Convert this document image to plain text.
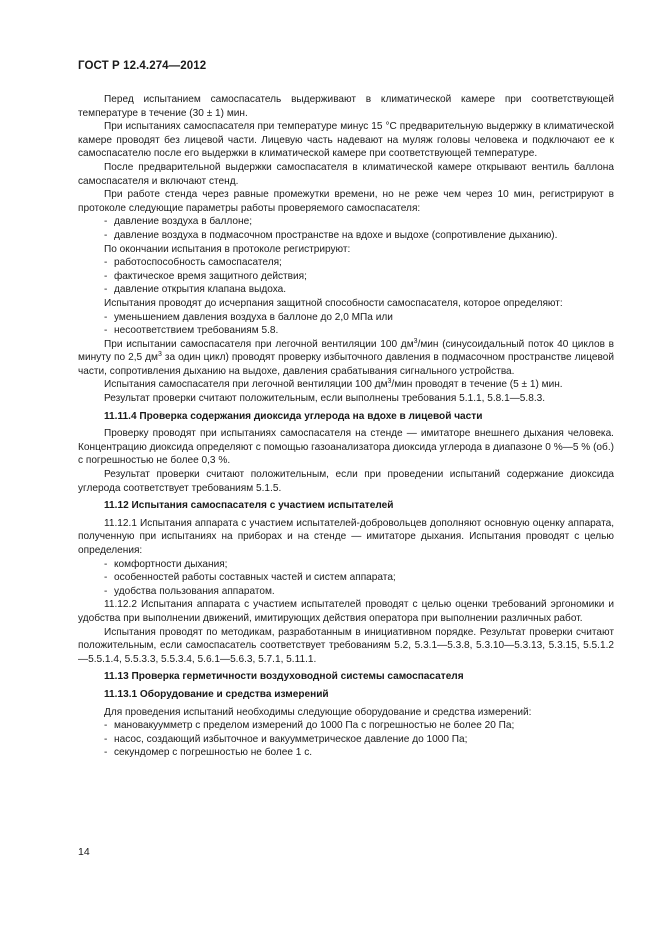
ГОСТ Р 12.4.274—2012

Перед испытанием самоспасатель выдерживают в климатической камере при соответствующей температуре в течение (30 ± 1) мин.

При испытаниях самоспасателя при температуре минус 15 °С предварительную выдержку в климатической камере проводят без лицевой части. Лицевую часть надевают на муляж головы человека и подключают ее к самоспасателю после его выдержки в климатической камере при соответствующей температуре.

После предварительной выдержки самоспасателя в климатической камере открывают вентиль баллона самоспасателя и включают стенд.

При работе стенда через равные промежутки времени, но не реже чем через 10 мин, регистрируют в протоколе следующие параметры работы проверяемого самоспасателя:

- давление воздуха в баллоне;

- давление воздуха в подмасочном пространстве на вдохе и выдохе (сопротивление дыханию).

По окончании испытания в протоколе регистрируют:

- работоспособность самоспасателя;

- фактическое время защитного действия;

- давление открытия клапана выдоха.

Испытания проводят до исчерпания защитной способности самоспасателя, которое определяют:

- уменьшением давления воздуха в баллоне до 2,0 МПа или

- несоответствием требованиям 5.8.

При испытании самоспасателя при легочной вентиляции 100 $дм^3$/мин (синусоидальный поток 40 циклов в минуту по 2,5 $дм^3$ за один цикл) проводят проверку избыточного давления в подмасочном пространстве лицевой части, сопротивления дыханию на выдохе, давления срабатывания сигнального устройства.

Испытания самоспасателя при легочной вентиляции 100 $дм^3$/мин проводят в течение (5 ± 1) мин.

Результат проверки считают положительным, если выполнены требования 5.1.1, 5.8.1—5.8.3.

11.11.4 Проверка содержания диоксида углерода на вдохе в лицевой части

Проверку проводят при испытаниях самоспасателя на стенде — имитаторе внешнего дыхания человека. Концентрацию диоксида определяют с помощью газоанализатора диоксида углерода в диапазоне 0 %—5 % (об.) с погрешностью не более 0,3 %.

Результат проверки считают положительным, если при проведении испытаний содержание диоксида углерода соответствует требованиям 5.1.5.

11.12 Испытания самоспасателя с участием испытателей

11.12.1 Испытания аппарата с участием испытателей-добровольцев дополняют основную оценку аппарата, полученную при испытаниях на приборах и на стенде — имитаторе дыхания. Испытания проводят с целью определения:

- комфортности дыхания;

- особенностей работы составных частей и систем аппарата;

- удобства пользования аппаратом.

11.12.2 Испытания аппарата с участием испытателей проводят с целью оценки требований эргономики и удобства при выполнении движений, имитирующих действия оператора при выполнении различных работ.

Испытания проводят по методикам, разработанным в инициативном порядке. Результат проверки считают положительным, если самоспасатель соответствует требованиям 5.2, 5.3.1—5.3.8, 5.3.10—5.3.13, 5.3.15, 5.5.1.2—5.5.1.4, 5.5.3.3, 5.5.3.4, 5.6.1—5.6.3, 5.7.1, 5.11.1.

11.13 Проверка герметичности воздуховодной системы самоспасателя

11.13.1 Оборудование и средства измерений

Для проведения испытаний необходимы следующие оборудование и средства измерений:

- мановакуумметр с пределом измерений до 1000 Па с погрешностью не более 20 Па;

- насос, создающий избыточное и вакуумметрическое давление до 1000 Па;

- секундомер с погрешностью не более 1 с.

14
